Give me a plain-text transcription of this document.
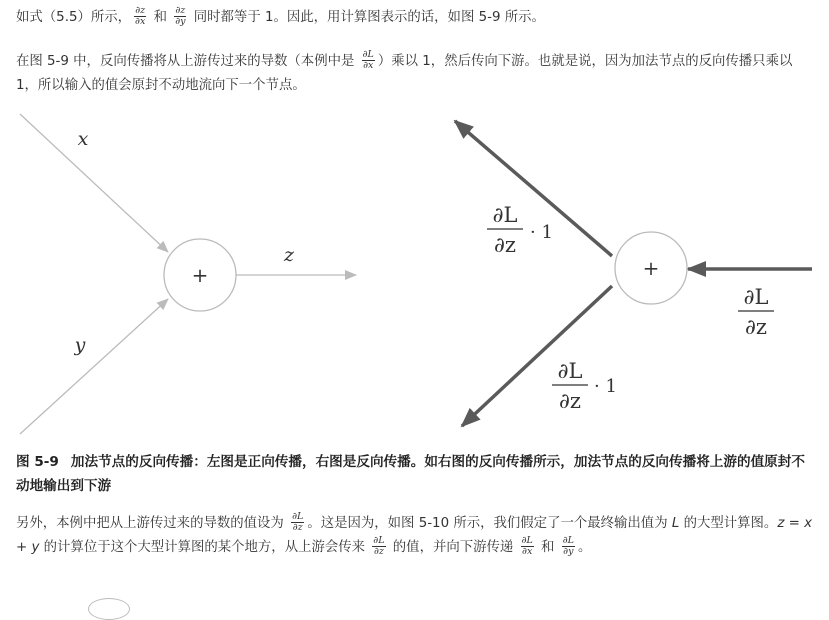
如式（5.5）所示， $\frac{\partial z}{\partial x}$ 和 $\frac{\partial z}{\partial y}$ 同时都等于 1。因此，用计算图表示的话，如图 5-9 所示。

在图 5-9 中，反向传播将从上游传过来的导数（本例中是 $\frac{\partial L}{\partial x}$ ）乘以 1，然后传向下游。也就是说，因为加法节点的反向传播只乘以 1，所以输入的值会原封不动地流向下一个节点。

+
x
y
z
+
∂L
∂z
∂L
∂z
· 1
∂L
∂z
· 1

图 5-9 加法节点的反向传播：左图是正向传播，右图是反向传播。如右图的反向传播所示，加法节点的反向传播将上游的值原封不动地输出到下游

另外，本例中把从上游传过来的导数的值设为 $\frac{\partial L}{\partial z}$ 。这是因为，如图 5-10 所示，我们假定了一个最终输出值为 L 的大型计算图。z = x + y 的计算位于这个大型计算图的某个地方，从上游会传来 $\frac{\partial L}{\partial z}$ 的值，并向下游传递 $\frac{\partial L}{\partial x}$ 和 $\frac{\partial L}{\partial y}$ 。
